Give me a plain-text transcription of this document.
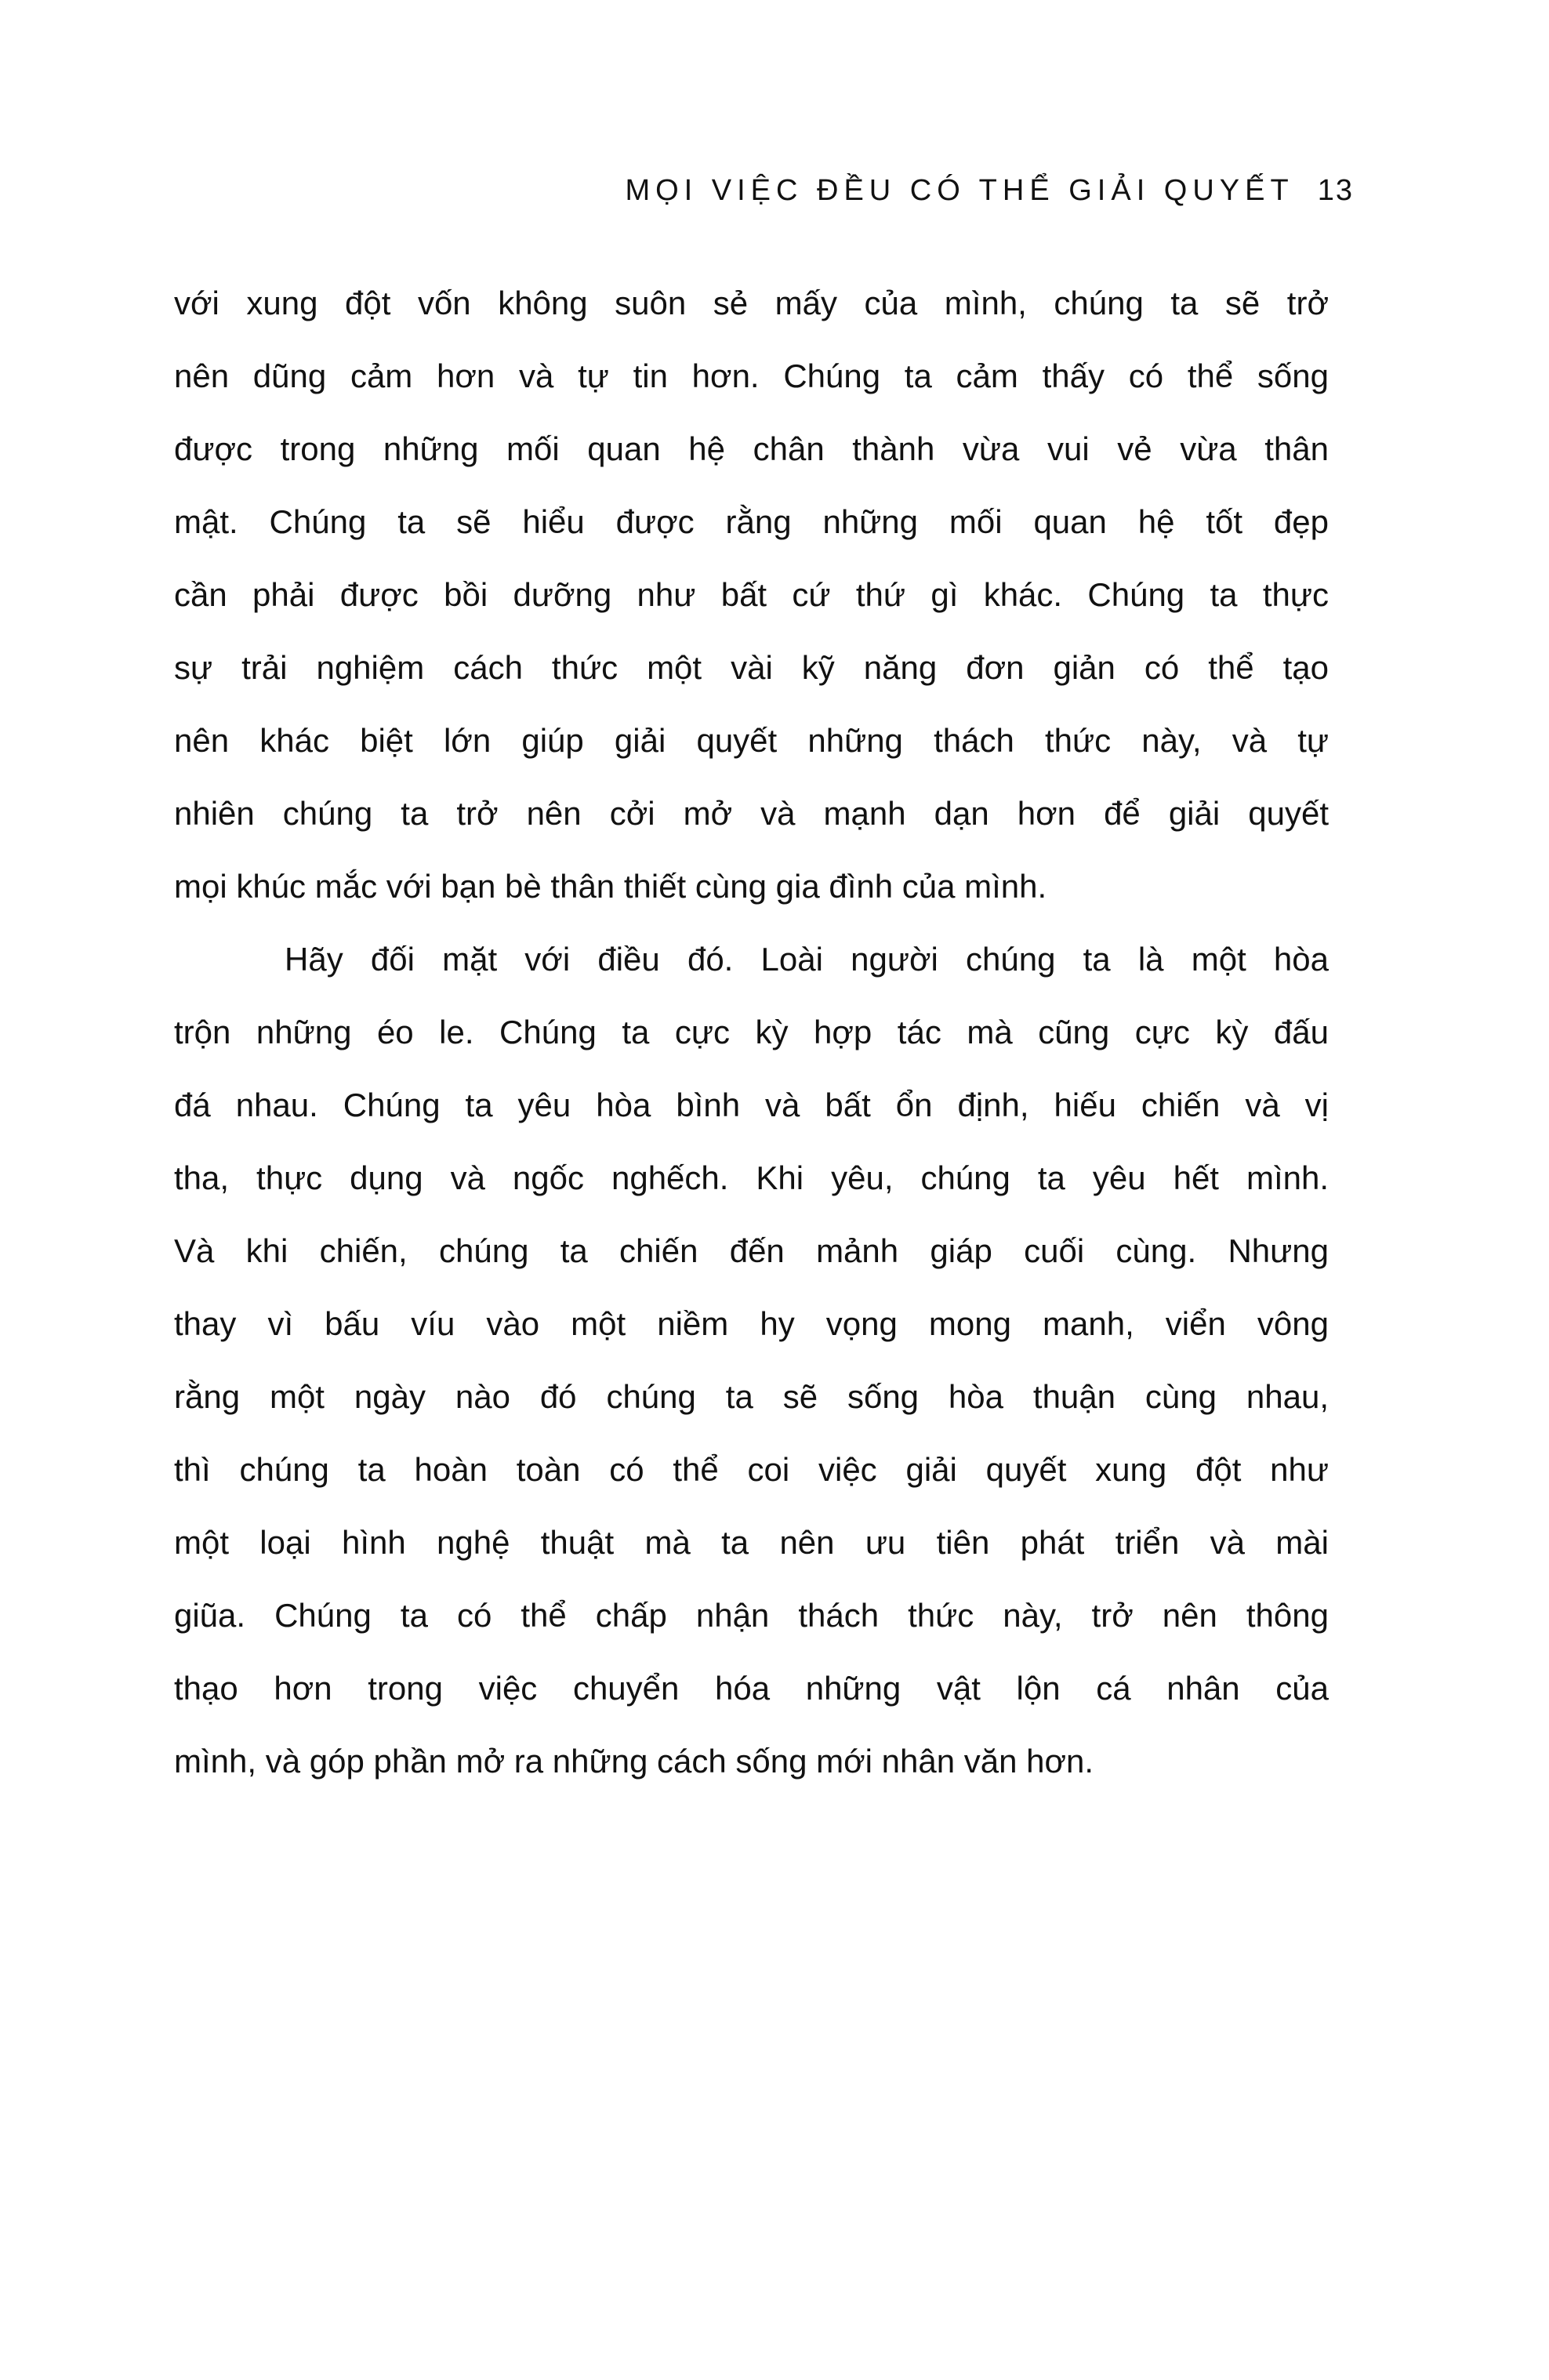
MỌI VIỆC ĐỀU CÓ THỂ GIẢI QUYẾT 13
với xung đột vốn không suôn sẻ mấy của mình, chúng ta sẽ trở
nên dũng cảm hơn và tự tin hơn. Chúng ta cảm thấy có thể sống
được trong những mối quan hệ chân thành vừa vui vẻ vừa thân
mật. Chúng ta sẽ hiểu được rằng những mối quan hệ tốt đẹp
cần phải được bồi dưỡng như bất cứ thứ gì khác. Chúng ta thực
sự trải nghiệm cách thức một vài kỹ năng đơn giản có thể tạo
nên khác biệt lớn giúp giải quyết những thách thức này, và tự
nhiên chúng ta trở nên cởi mở và mạnh dạn hơn để giải quyết
mọi khúc mắc với bạn bè thân thiết cùng gia đình của mình.
Hãy đối mặt với điều đó. Loài người chúng ta là một hòa
trộn những éo le. Chúng ta cực kỳ hợp tác mà cũng cực kỳ đấu
đá nhau. Chúng ta yêu hòa bình và bất ổn định, hiếu chiến và vị
tha, thực dụng và ngốc nghếch. Khi yêu, chúng ta yêu hết mình.
Và khi chiến, chúng ta chiến đến mảnh giáp cuối cùng. Nhưng
thay vì bấu víu vào một niềm hy vọng mong manh, viển vông
rằng một ngày nào đó chúng ta sẽ sống hòa thuận cùng nhau,
thì chúng ta hoàn toàn có thể coi việc giải quyết xung đột như
một loại hình nghệ thuật mà ta nên ưu tiên phát triển và mài
giũa. Chúng ta có thể chấp nhận thách thức này, trở nên thông
thạo hơn trong việc chuyển hóa những vật lộn cá nhân của
mình, và góp phần mở ra những cách sống mới nhân văn hơn.
